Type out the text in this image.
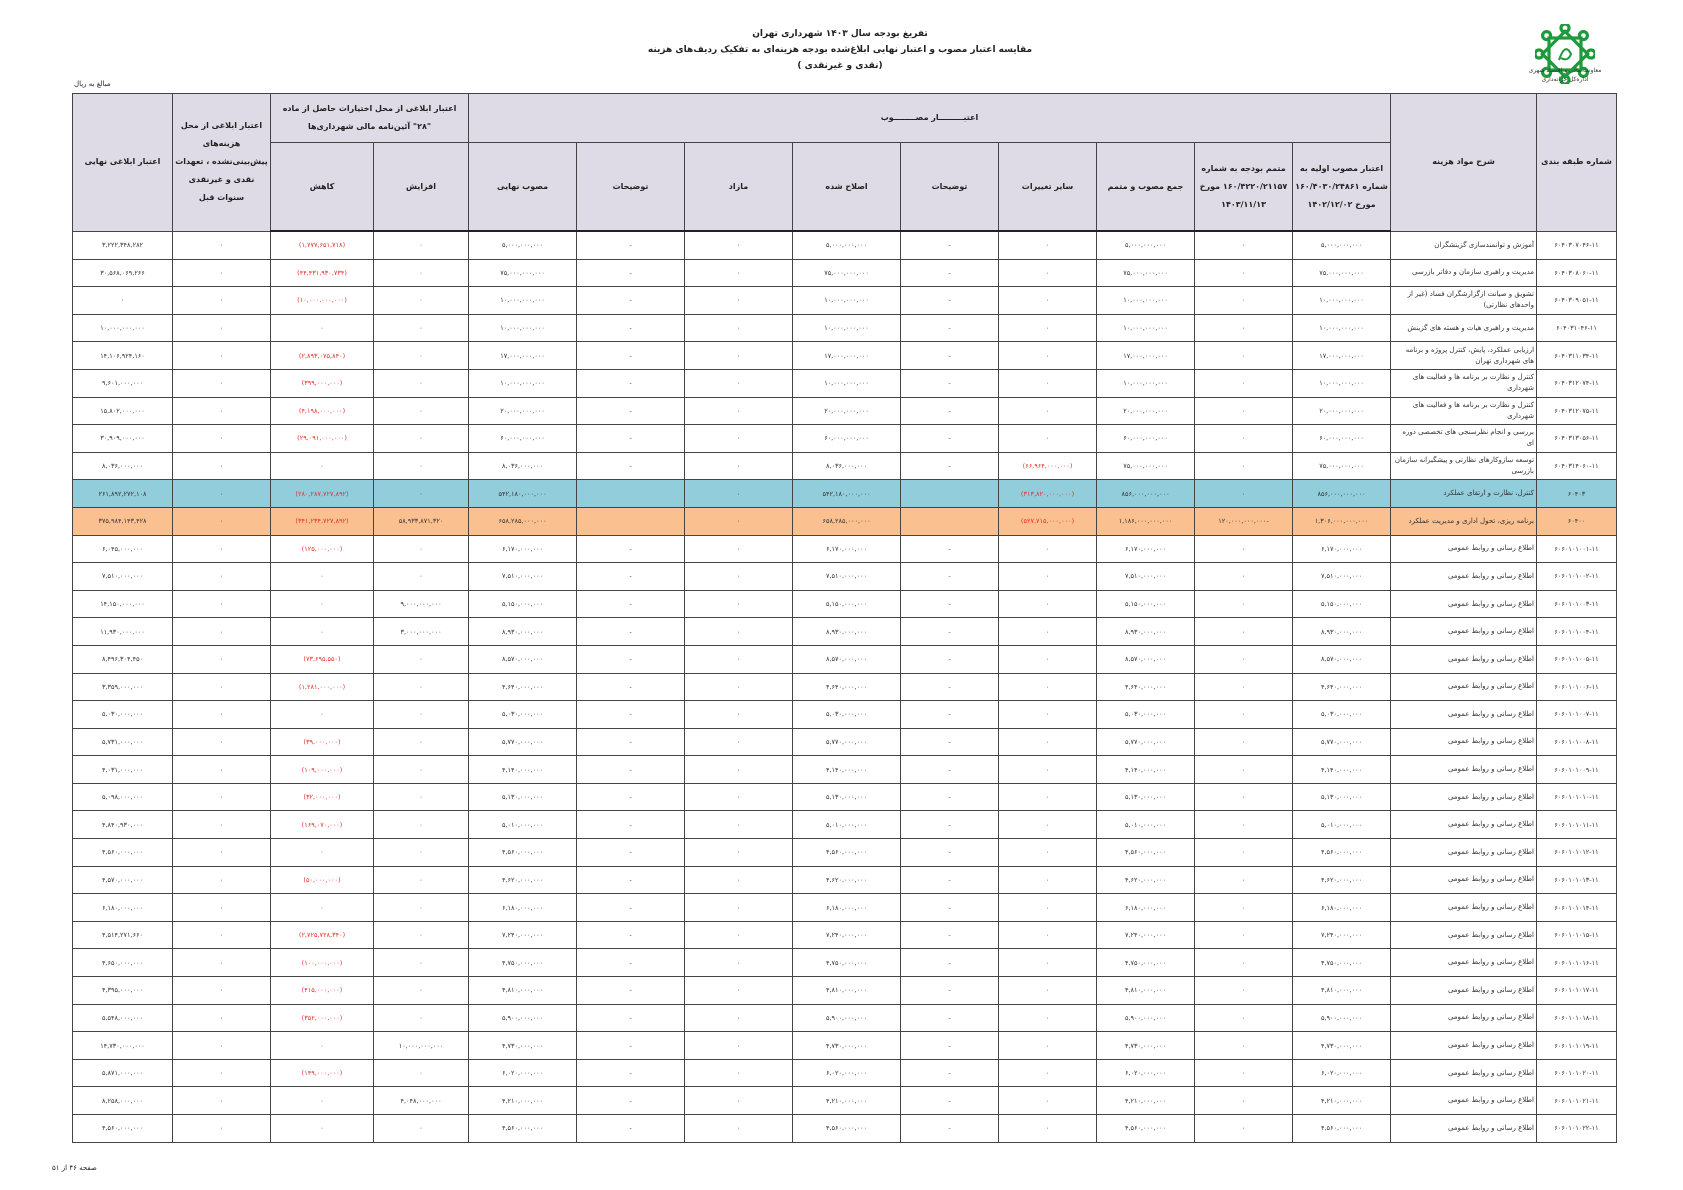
تفریغ بودجه سال ۱۴۰۳ شهرداری تهران
مقایسه اعتبار مصوب و اعتبار نهایی ابلاغ‌شده بودجه هزینه‌ای به تفکیک ردیف‌های هزینه
(نقدی و غیرنقدی )	معاونت مالی و اقتصاد شهری
اداره‌کل خزانه‌داری
مبالغ به ریال
شماره طبقه بندی	شرح مواد هزینه	اعتبـــــــــار مصــــــــوب									اعتبار ابلاغی از محل اختیارات حاصل از ماده "۲۸" آئین‌نامه مالی شهرداری‌ها		اعتبار ابلاغی از محل هزینه‌های پیش‌بینی‌نشده ، تعهدات نقدی و غیرنقدی سنوات قبل	اعتبار ابلاغی نهایی
		اعتبار مصوب اولیه به شماره ۱۶۰/۴۰۳۰/۲۴۸۶۱ مورخ ۱۴۰۲/۱۲/۰۲	متمم بودجه به شماره ۱۶۰/۴۲۲۰/۲۱۱۵۷ مورخ ۱۴۰۳/۱۱/۱۳	جمع مصوب و متمم	سایر تغییرات	توضیحات	اصلاح شده	مازاد	توضیحات	مصوب نهایی	افزایش	کاهش		
۶۰۴۰۳۰۷۰۴۶-۱۱	آموزش و توانمندسازی گزینشگران	۵,۰۰۰,۰۰۰,۰۰۰	۰	۵,۰۰۰,۰۰۰,۰۰۰	۰	-	۵,۰۰۰,۰۰۰,۰۰۰	۰	-	۵,۰۰۰,۰۰۰,۰۰۰	۰	(۱,۷۷۷,۶۵۱,۷۱۸)	۰	۳,۲۲۲,۳۴۸,۲۸۲
۶۰۴۰۳۰۸۰۶۰-۱۱	مدیریت و راهبری سازمان و دفاتر بازرسی	۷۵,۰۰۰,۰۰۰,۰۰۰	۰	۷۵,۰۰۰,۰۰۰,۰۰۰	۰	-	۷۵,۰۰۰,۰۰۰,۰۰۰	۰	-	۷۵,۰۰۰,۰۰۰,۰۰۰	۰	(۴۴,۴۳۱,۹۳۰,۷۳۴)	۰	۳۰,۵۶۸,۰۶۹,۲۶۶
۶۰۴۰۳۰۹۰۵۱-۱۱	تشویق و صیانت ازگزارشگران فساد (غیر از واحدهای نظارتی)	۱۰,۰۰۰,۰۰۰,۰۰۰	۰	۱۰,۰۰۰,۰۰۰,۰۰۰	۰	-	۱۰,۰۰۰,۰۰۰,۰۰۰	۰	-	۱۰,۰۰۰,۰۰۰,۰۰۰	۰	(۱۰,۰۰۰,۰۰۰,۰۰۰)	۰	۰
۶۰۴۰۳۱۰۴۶-۱۱	مدیریت و راهبری هیات و هسته های گزینش	۱۰,۰۰۰,۰۰۰,۰۰۰	۰	۱۰,۰۰۰,۰۰۰,۰۰۰	۰	-	۱۰,۰۰۰,۰۰۰,۰۰۰	۰	-	۱۰,۰۰۰,۰۰۰,۰۰۰	۰	۰	۰	۱۰,۰۰۰,۰۰۰,۰۰۰
۶۰۴۰۳۱۱۰۳۴-۱۱	ارزیابی عملکرد، پایش، کنترل پروژه و برنامه های شهرداری تهران	۱۷,۰۰۰,۰۰۰,۰۰۰	۰	۱۷,۰۰۰,۰۰۰,۰۰۰	۰	-	۱۷,۰۰۰,۰۰۰,۰۰۰	۰	-	۱۷,۰۰۰,۰۰۰,۰۰۰	۰	(۲,۸۹۳,۰۷۵,۸۴۰)	۰	۱۴,۱۰۶,۹۲۴,۱۶۰
۶۰۴۰۳۱۲۰۷۴-۱۱	کنترل و نظارت بر برنامه ها و فعالیت های شهرداری	۱۰,۰۰۰,۰۰۰,۰۰۰	۰	۱۰,۰۰۰,۰۰۰,۰۰۰	۰	-	۱۰,۰۰۰,۰۰۰,۰۰۰	۰	-	۱۰,۰۰۰,۰۰۰,۰۰۰	۰	(۳۹۹,۰۰۰,۰۰۰)	۰	۹,۶۰۱,۰۰۰,۰۰۰
۶۰۴۰۳۱۲۰۷۵-۱۱	کنترل و نظارت بر برنامه ها و فعالیت های شهرداری	۲۰,۰۰۰,۰۰۰,۰۰۰	۰	۲۰,۰۰۰,۰۰۰,۰۰۰	۰	-	۲۰,۰۰۰,۰۰۰,۰۰۰	۰	-	۲۰,۰۰۰,۰۰۰,۰۰۰	۰	(۴,۱۹۸,۰۰۰,۰۰۰)	۰	۱۵,۸۰۲,۰۰۰,۰۰۰
۶۰۴۰۳۱۳۰۵۶-۱۱	بررسی و انجام نظرسنجی های تخصصی دوره ای	۶۰,۰۰۰,۰۰۰,۰۰۰	۰	۶۰,۰۰۰,۰۰۰,۰۰۰	۰	-	۶۰,۰۰۰,۰۰۰,۰۰۰	۰	-	۶۰,۰۰۰,۰۰۰,۰۰۰	۰	(۲۹,۰۹۱,۰۰۰,۰۰۰)	۰	۳۰,۹۰۹,۰۰۰,۰۰۰
۶۰۴۰۳۱۴۰۶۰-۱۱	توسعه سازوکارهای نظارتی و پیشگیرانه سازمان بازرسی	۷۵,۰۰۰,۰۰۰,۰۰۰	۰	۷۵,۰۰۰,۰۰۰,۰۰۰	(۶۶,۹۶۴,۰۰۰,۰۰۰)	-	۸,۰۳۶,۰۰۰,۰۰۰	۰	-	۸,۰۳۶,۰۰۰,۰۰۰	۰	۰	۰	۸,۰۳۶,۰۰۰,۰۰۰
۶۰۴۰۳	کنترل، نظارت و ارتقای عملکرد	۸۵۶,۰۰۰,۰۰۰,۰۰۰	۰	۸۵۶,۰۰۰,۰۰۰,۰۰۰	(۳۱۳,۸۲۰,۰۰۰,۰۰۰)		۵۴۲,۱۸۰,۰۰۰,۰۰۰	۰		۵۴۲,۱۸۰,۰۰۰,۰۰۰	۰	(۲۸۰,۲۸۷,۷۲۷,۸۹۲)	۰	۲۶۱,۸۹۲,۲۷۲,۱۰۸
۶۰۴۰۰	برنامه ریزی، تحول اداری و مدیریت عملکرد	۱,۳۰۶,۰۰۰,۰۰۰,۰۰۰	-۱۲۰,۰۰۰,۰۰۰,۰۰۰	۱,۱۸۶,۰۰۰,۰۰۰,۰۰۰	(۵۲۷,۷۱۵,۰۰۰,۰۰۰)		۶۵۸,۲۸۵,۰۰۰,۰۰۰	۰		۶۵۸,۲۸۵,۰۰۰,۰۰۰	۵۸,۹۳۳,۸۷۱,۳۲۰	(۳۴۱,۲۳۴,۷۲۷,۸۹۲)	۰	۳۷۵,۹۸۴,۱۴۳,۴۲۸
۶۰۶۰۱۰۱۰۰۱-۱۱	اطلاع رسانی و روابط عمومی	۶,۱۷۰,۰۰۰,۰۰۰	۰	۶,۱۷۰,۰۰۰,۰۰۰	۰	-	۶,۱۷۰,۰۰۰,۰۰۰	۰	-	۶,۱۷۰,۰۰۰,۰۰۰	۰	(۱۲۵,۰۰۰,۰۰۰)	۰	۶,۰۴۵,۰۰۰,۰۰۰
۶۰۶۰۱۰۱۰۰۲-۱۱	اطلاع رسانی و روابط عمومی	۷,۵۱۰,۰۰۰,۰۰۰	۰	۷,۵۱۰,۰۰۰,۰۰۰	۰	-	۷,۵۱۰,۰۰۰,۰۰۰	۰	-	۷,۵۱۰,۰۰۰,۰۰۰	۰	۰	۰	۷,۵۱۰,۰۰۰,۰۰۰
۶۰۶۰۱۰۱۰۰۳-۱۱	اطلاع رسانی و روابط عمومی	۵,۱۵۰,۰۰۰,۰۰۰	۰	۵,۱۵۰,۰۰۰,۰۰۰	۰	-	۵,۱۵۰,۰۰۰,۰۰۰	۰	-	۵,۱۵۰,۰۰۰,۰۰۰	۹,۰۰۰,۰۰۰,۰۰۰	۰	۰	۱۴,۱۵۰,۰۰۰,۰۰۰
۶۰۶۰۱۰۱۰۰۴-۱۱	اطلاع رسانی و روابط عمومی	۸,۹۳۰,۰۰۰,۰۰۰	۰	۸,۹۳۰,۰۰۰,۰۰۰	۰	-	۸,۹۳۰,۰۰۰,۰۰۰	۰	-	۸,۹۳۰,۰۰۰,۰۰۰	۳,۰۰۰,۰۰۰,۰۰۰	۰	۰	۱۱,۹۳۰,۰۰۰,۰۰۰
۶۰۶۰۱۰۱۰۰۵-۱۱	اطلاع رسانی و روابط عمومی	۸,۵۷۰,۰۰۰,۰۰۰	۰	۸,۵۷۰,۰۰۰,۰۰۰	۰	-	۸,۵۷۰,۰۰۰,۰۰۰	۰	-	۸,۵۷۰,۰۰۰,۰۰۰	۰	(۷۳,۶۹۵,۵۵۰)	۰	۸,۴۹۶,۳۰۴,۴۵۰
۶۰۶۰۱۰۱۰۰۶-۱۱	اطلاع رسانی و روابط عمومی	۴,۶۴۰,۰۰۰,۰۰۰	۰	۴,۶۴۰,۰۰۰,۰۰۰	۰	-	۴,۶۴۰,۰۰۰,۰۰۰	۰	-	۴,۶۴۰,۰۰۰,۰۰۰	۰	(۱,۲۸۱,۰۰۰,۰۰۰)	۰	۳,۳۵۹,۰۰۰,۰۰۰
۶۰۶۰۱۰۱۰۰۷-۱۱	اطلاع رسانی و روابط عمومی	۵,۰۳۰,۰۰۰,۰۰۰	۰	۵,۰۳۰,۰۰۰,۰۰۰	۰	-	۵,۰۳۰,۰۰۰,۰۰۰	۰	-	۵,۰۳۰,۰۰۰,۰۰۰	۰	۰	۰	۵,۰۳۰,۰۰۰,۰۰۰
۶۰۶۰۱۰۱۰۰۸-۱۱	اطلاع رسانی و روابط عمومی	۵,۷۷۰,۰۰۰,۰۰۰	۰	۵,۷۷۰,۰۰۰,۰۰۰	۰	-	۵,۷۷۰,۰۰۰,۰۰۰	۰	-	۵,۷۷۰,۰۰۰,۰۰۰	۰	(۳۹,۰۰۰,۰۰۰)	۰	۵,۷۳۱,۰۰۰,۰۰۰
۶۰۶۰۱۰۱۰۰۹-۱۱	اطلاع رسانی و روابط عمومی	۴,۱۴۰,۰۰۰,۰۰۰	۰	۴,۱۴۰,۰۰۰,۰۰۰	۰	-	۴,۱۴۰,۰۰۰,۰۰۰	۰	-	۴,۱۴۰,۰۰۰,۰۰۰	۰	(۱۰۹,۰۰۰,۰۰۰)	۰	۴,۰۳۱,۰۰۰,۰۰۰
۶۰۶۰۱۰۱۰۱۰-۱۱	اطلاع رسانی و روابط عمومی	۵,۱۳۰,۰۰۰,۰۰۰	۰	۵,۱۳۰,۰۰۰,۰۰۰	۰	-	۵,۱۳۰,۰۰۰,۰۰۰	۰	-	۵,۱۳۰,۰۰۰,۰۰۰	۰	(۳۲,۰۰۰,۰۰۰)	۰	۵,۰۹۸,۰۰۰,۰۰۰
۶۰۶۰۱۰۱۰۱۱-۱۱	اطلاع رسانی و روابط عمومی	۵,۰۱۰,۰۰۰,۰۰۰	۰	۵,۰۱۰,۰۰۰,۰۰۰	۰	-	۵,۰۱۰,۰۰۰,۰۰۰	۰	-	۵,۰۱۰,۰۰۰,۰۰۰	۰	(۱۶۹,۰۷۰,۰۰۰)	۰	۴,۸۴۰,۹۳۰,۰۰۰
۶۰۶۰۱۰۱۰۱۲-۱۱	اطلاع رسانی و روابط عمومی	۴,۵۶۰,۰۰۰,۰۰۰	۰	۴,۵۶۰,۰۰۰,۰۰۰	۰	-	۴,۵۶۰,۰۰۰,۰۰۰	۰	-	۴,۵۶۰,۰۰۰,۰۰۰	۰	۰	۰	۴,۵۶۰,۰۰۰,۰۰۰
۶۰۶۰۱۰۱۰۱۳-۱۱	اطلاع رسانی و روابط عمومی	۴,۶۲۰,۰۰۰,۰۰۰	۰	۴,۶۲۰,۰۰۰,۰۰۰	۰	-	۴,۶۲۰,۰۰۰,۰۰۰	۰	-	۴,۶۲۰,۰۰۰,۰۰۰	۰	(۵۰,۰۰۰,۰۰۰)	۰	۴,۵۷۰,۰۰۰,۰۰۰
۶۰۶۰۱۰۱۰۱۴-۱۱	اطلاع رسانی و روابط عمومی	۶,۱۸۰,۰۰۰,۰۰۰	۰	۶,۱۸۰,۰۰۰,۰۰۰	۰	-	۶,۱۸۰,۰۰۰,۰۰۰	۰	-	۶,۱۸۰,۰۰۰,۰۰۰	۰	۰	۰	۶,۱۸۰,۰۰۰,۰۰۰
۶۰۶۰۱۰۱۰۱۵-۱۱	اطلاع رسانی و روابط عمومی	۷,۲۴۰,۰۰۰,۰۰۰	۰	۷,۲۴۰,۰۰۰,۰۰۰	۰	-	۷,۲۴۰,۰۰۰,۰۰۰	۰	-	۷,۲۴۰,۰۰۰,۰۰۰	۰	(۲,۷۲۵,۷۲۸,۳۴۰)	۰	۴,۵۱۴,۲۷۱,۶۶۰
۶۰۶۰۱۰۱۰۱۶-۱۱	اطلاع رسانی و روابط عمومی	۴,۷۵۰,۰۰۰,۰۰۰	۰	۴,۷۵۰,۰۰۰,۰۰۰	۰	-	۴,۷۵۰,۰۰۰,۰۰۰	۰	-	۴,۷۵۰,۰۰۰,۰۰۰	۰	(۱۰۰,۰۰۰,۰۰۰)	۰	۴,۶۵۰,۰۰۰,۰۰۰
۶۰۶۰۱۰۱۰۱۷-۱۱	اطلاع رسانی و روابط عمومی	۴,۸۱۰,۰۰۰,۰۰۰	۰	۴,۸۱۰,۰۰۰,۰۰۰	۰	-	۴,۸۱۰,۰۰۰,۰۰۰	۰	-	۴,۸۱۰,۰۰۰,۰۰۰	۰	(۴۱۵,۰۰۰,۰۰۰)	۰	۴,۳۹۵,۰۰۰,۰۰۰
۶۰۶۰۱۰۱۰۱۸-۱۱	اطلاع رسانی و روابط عمومی	۵,۹۰۰,۰۰۰,۰۰۰	۰	۵,۹۰۰,۰۰۰,۰۰۰	۰	-	۵,۹۰۰,۰۰۰,۰۰۰	۰	-	۵,۹۰۰,۰۰۰,۰۰۰	۰	(۳۵۲,۰۰۰,۰۰۰)	۰	۵,۵۴۸,۰۰۰,۰۰۰
۶۰۶۰۱۰۱۰۱۹-۱۱	اطلاع رسانی و روابط عمومی	۴,۷۳۰,۰۰۰,۰۰۰	۰	۴,۷۳۰,۰۰۰,۰۰۰	۰	-	۴,۷۳۰,۰۰۰,۰۰۰	۰	-	۴,۷۳۰,۰۰۰,۰۰۰	۱۰,۰۰۰,۰۰۰,۰۰۰	۰	۰	۱۴,۷۳۰,۰۰۰,۰۰۰
۶۰۶۰۱۰۱۰۲۰-۱۱	اطلاع رسانی و روابط عمومی	۶,۰۲۰,۰۰۰,۰۰۰	۰	۶,۰۲۰,۰۰۰,۰۰۰	۰	-	۶,۰۲۰,۰۰۰,۰۰۰	۰	-	۶,۰۲۰,۰۰۰,۰۰۰	۰	(۱۴۹,۰۰۰,۰۰۰)	۰	۵,۸۷۱,۰۰۰,۰۰۰
۶۰۶۰۱۰۱۰۲۱-۱۱	اطلاع رسانی و روابط عمومی	۴,۲۱۰,۰۰۰,۰۰۰	۰	۴,۲۱۰,۰۰۰,۰۰۰	۰	-	۴,۲۱۰,۰۰۰,۰۰۰	۰	-	۴,۲۱۰,۰۰۰,۰۰۰	۴,۰۴۸,۰۰۰,۰۰۰	۰	۰	۸,۲۵۸,۰۰۰,۰۰۰
۶۰۶۰۱۰۱۰۲۲-۱۱	اطلاع رسانی و روابط عمومی	۴,۵۶۰,۰۰۰,۰۰۰	۰	۴,۵۶۰,۰۰۰,۰۰۰	۰	-	۴,۵۶۰,۰۰۰,۰۰۰	۰	-	۴,۵۶۰,۰۰۰,۰۰۰	۰	۰	۰	۴,۵۶۰,۰۰۰,۰۰۰
صفحه ۴۶ از ۵۱
